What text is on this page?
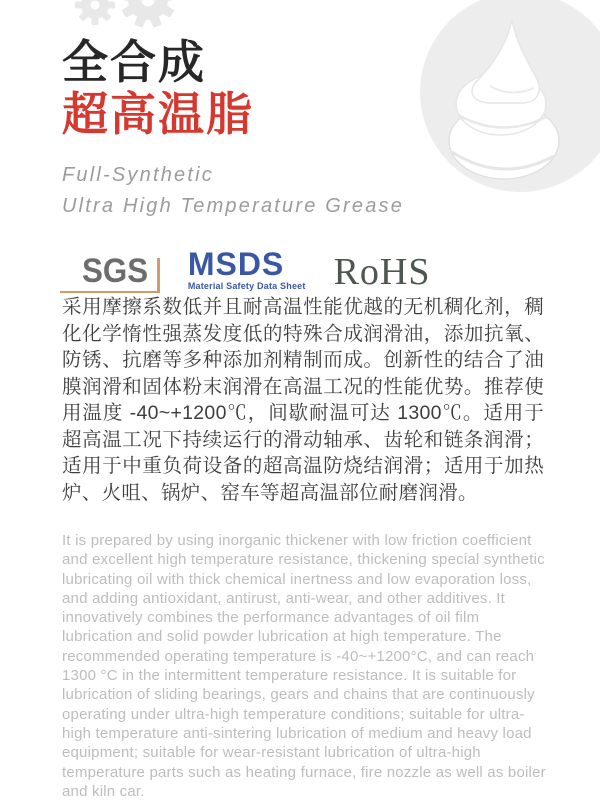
全合成
超高温脂
Full-Synthetic
Ultra High Temperature Grease
SGS	MSDS
Material Safety Data Sheet RoHS

采用摩擦系数低并且耐高温性能优越的无机稠化剂，稠化化学惰性强蒸发度低的特殊合成润滑油，添加抗氧、防锈、抗磨等多种添加剂精制而成。创新性的结合了油膜润滑和固体粉末润滑在高温工况的性能优势。推荐使用温度 -40~+1200℃，间歇耐温可达 1300℃。适用于超高温工况下持续运行的滑动轴承、齿轮和链条润滑；适用于中重负荷设备的超高温防烧结润滑；适用于加热炉、火咀、锅炉、窑车等超高温部位耐磨润滑。

It is prepared by using inorganic thickener with low friction coefficient and excellent high temperature resistance, thickening special synthetic lubricating oil with thick chemical inertness and low evaporation loss, and adding antioxidant, antirust, anti-wear, and other additives. It innovatively combines the performance advantages of oil film lubrication and solid powder lubrication at high temperature. The recommended operating temperature is -40~+1200°C, and can reach 1300 °C in the intermittent temperature resistance. It is suitable for lubrication of sliding bearings, gears and chains that are continuously operating under ultra-high temperature conditions; suitable for ultra-high temperature anti-sintering lubrication of medium and heavy load equipment; suitable for wear-resistant lubrication of ultra-high temperature parts such as heating furnace, fire nozzle as well as boiler and kiln car.
